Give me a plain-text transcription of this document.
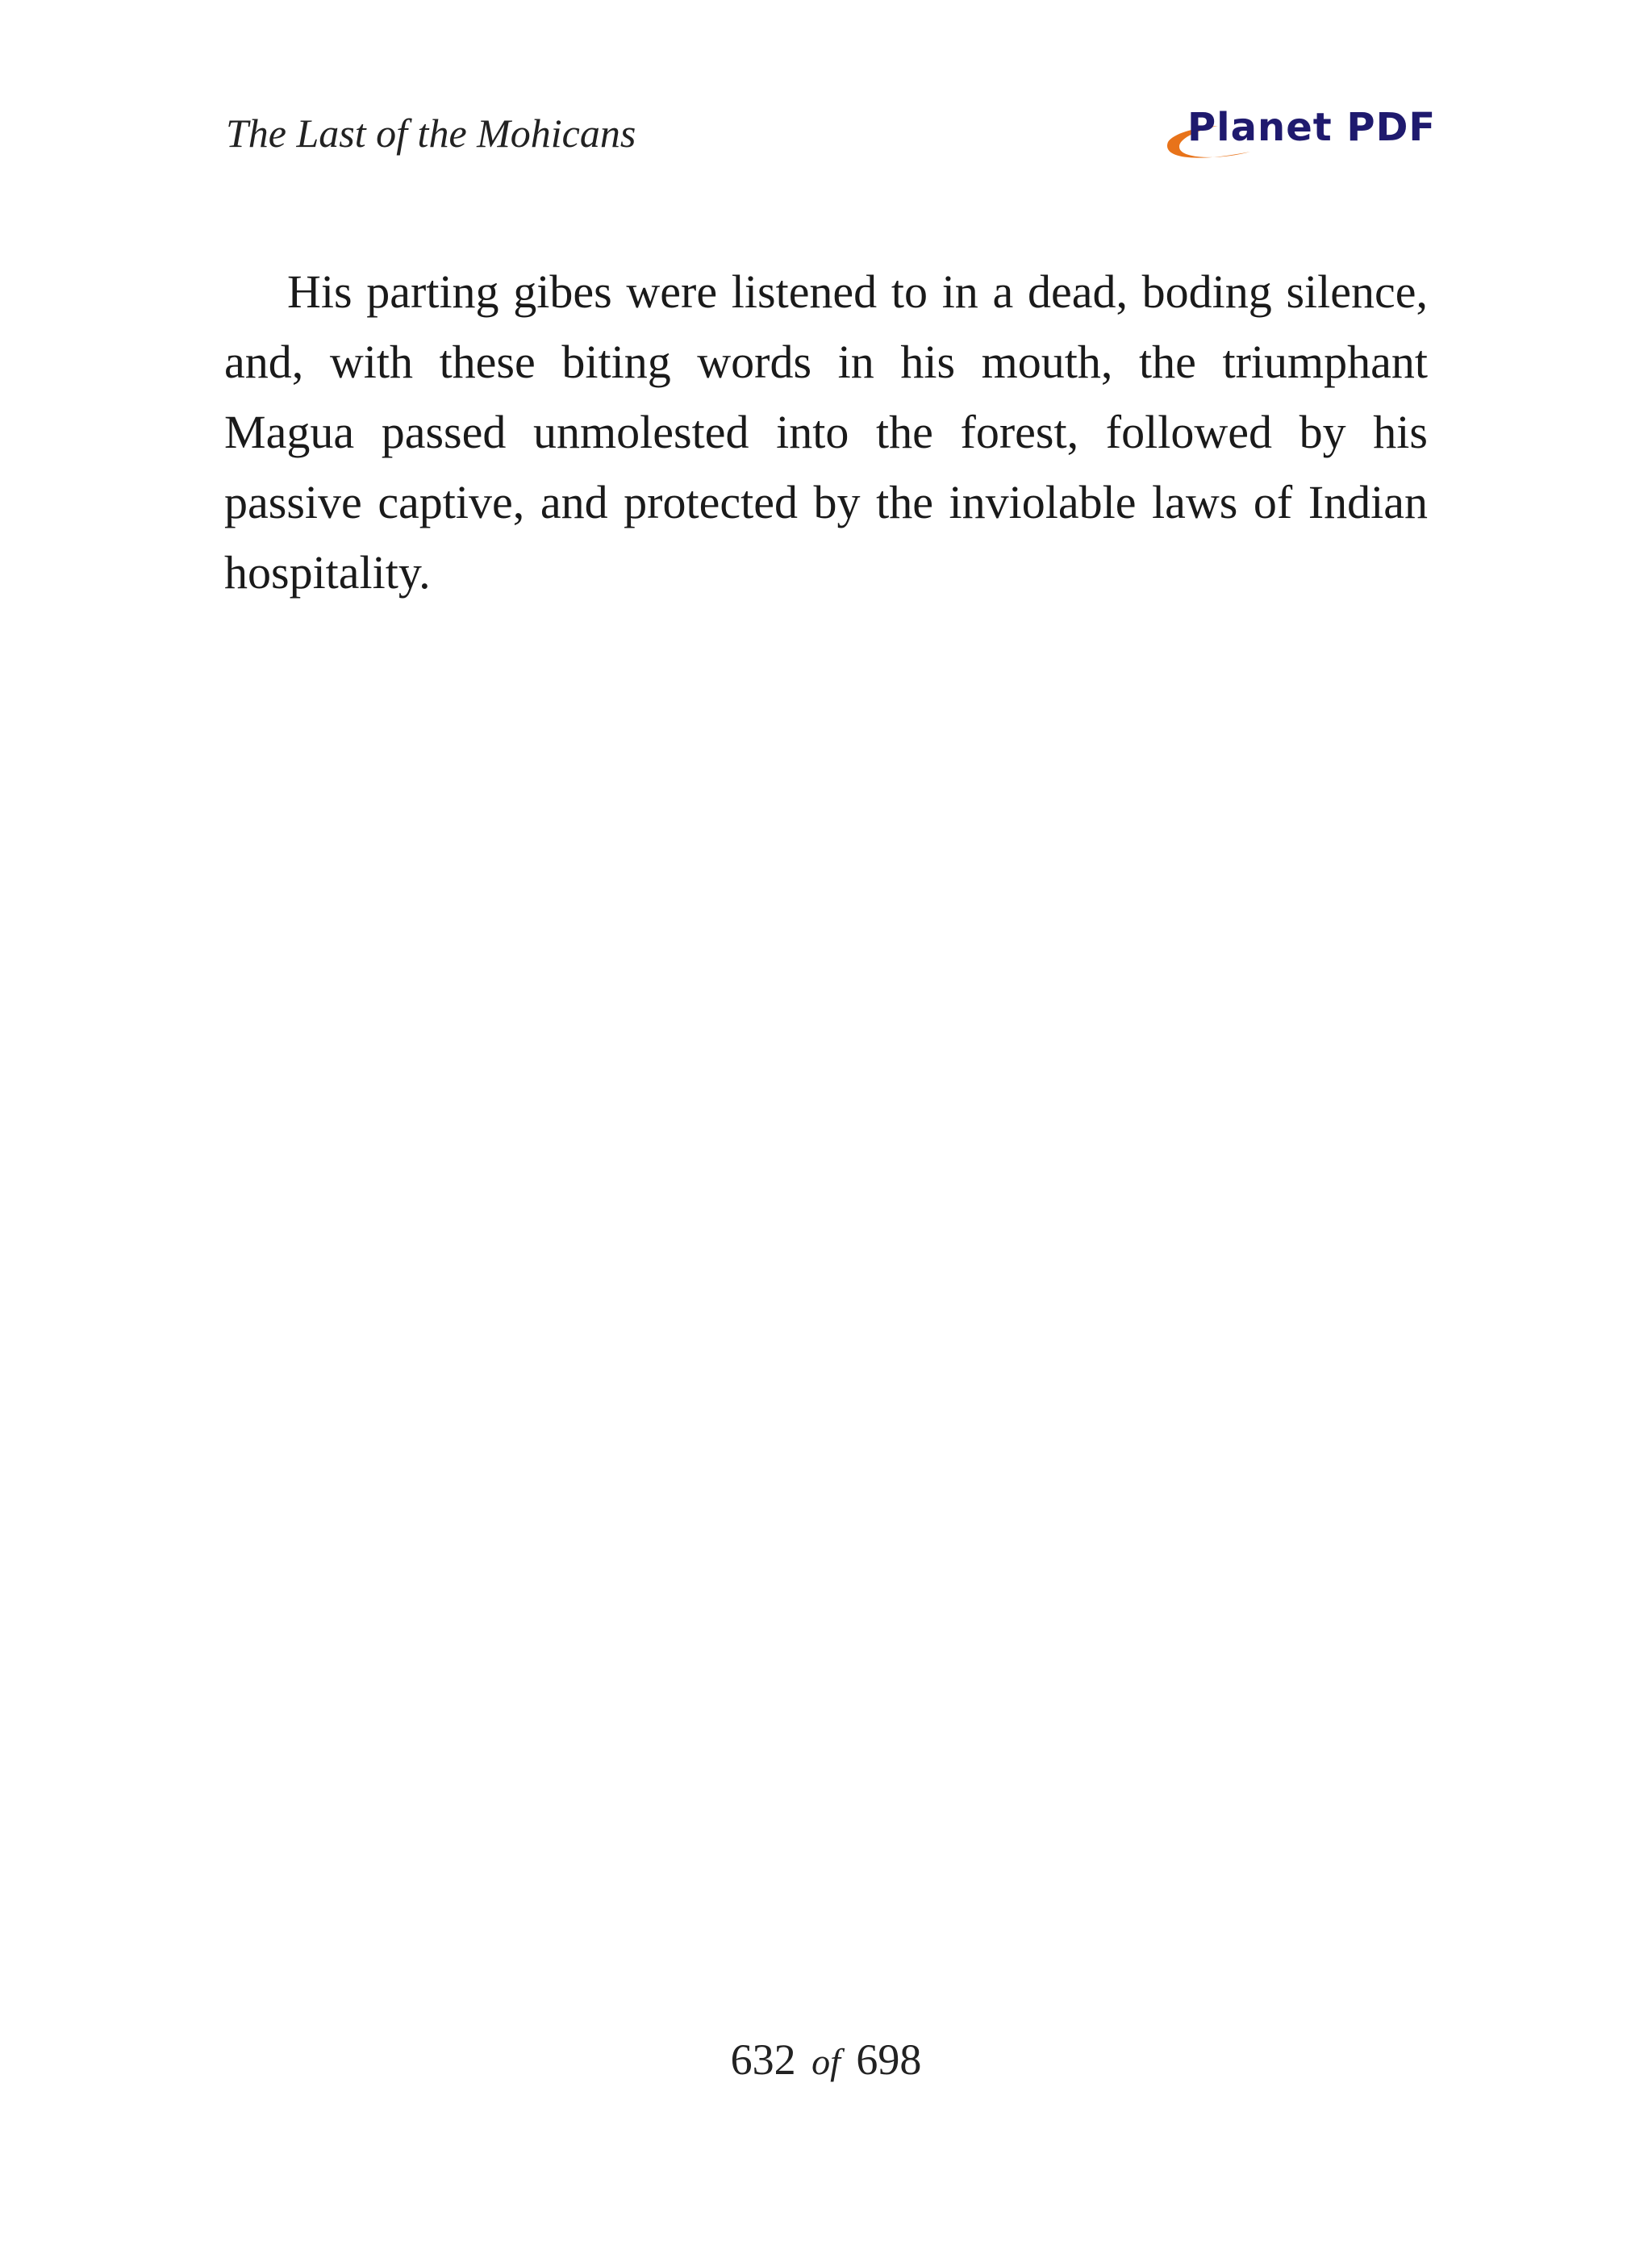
The Last of the Mohicans	Planet PDF

His parting gibes were listened to in a dead, boding silence, and, with these biting words in his mouth, the triumphant Magua passed unmolested into the forest, followed by his passive captive, and protected by the inviolable laws of Indian hospitality.

632 of 698
